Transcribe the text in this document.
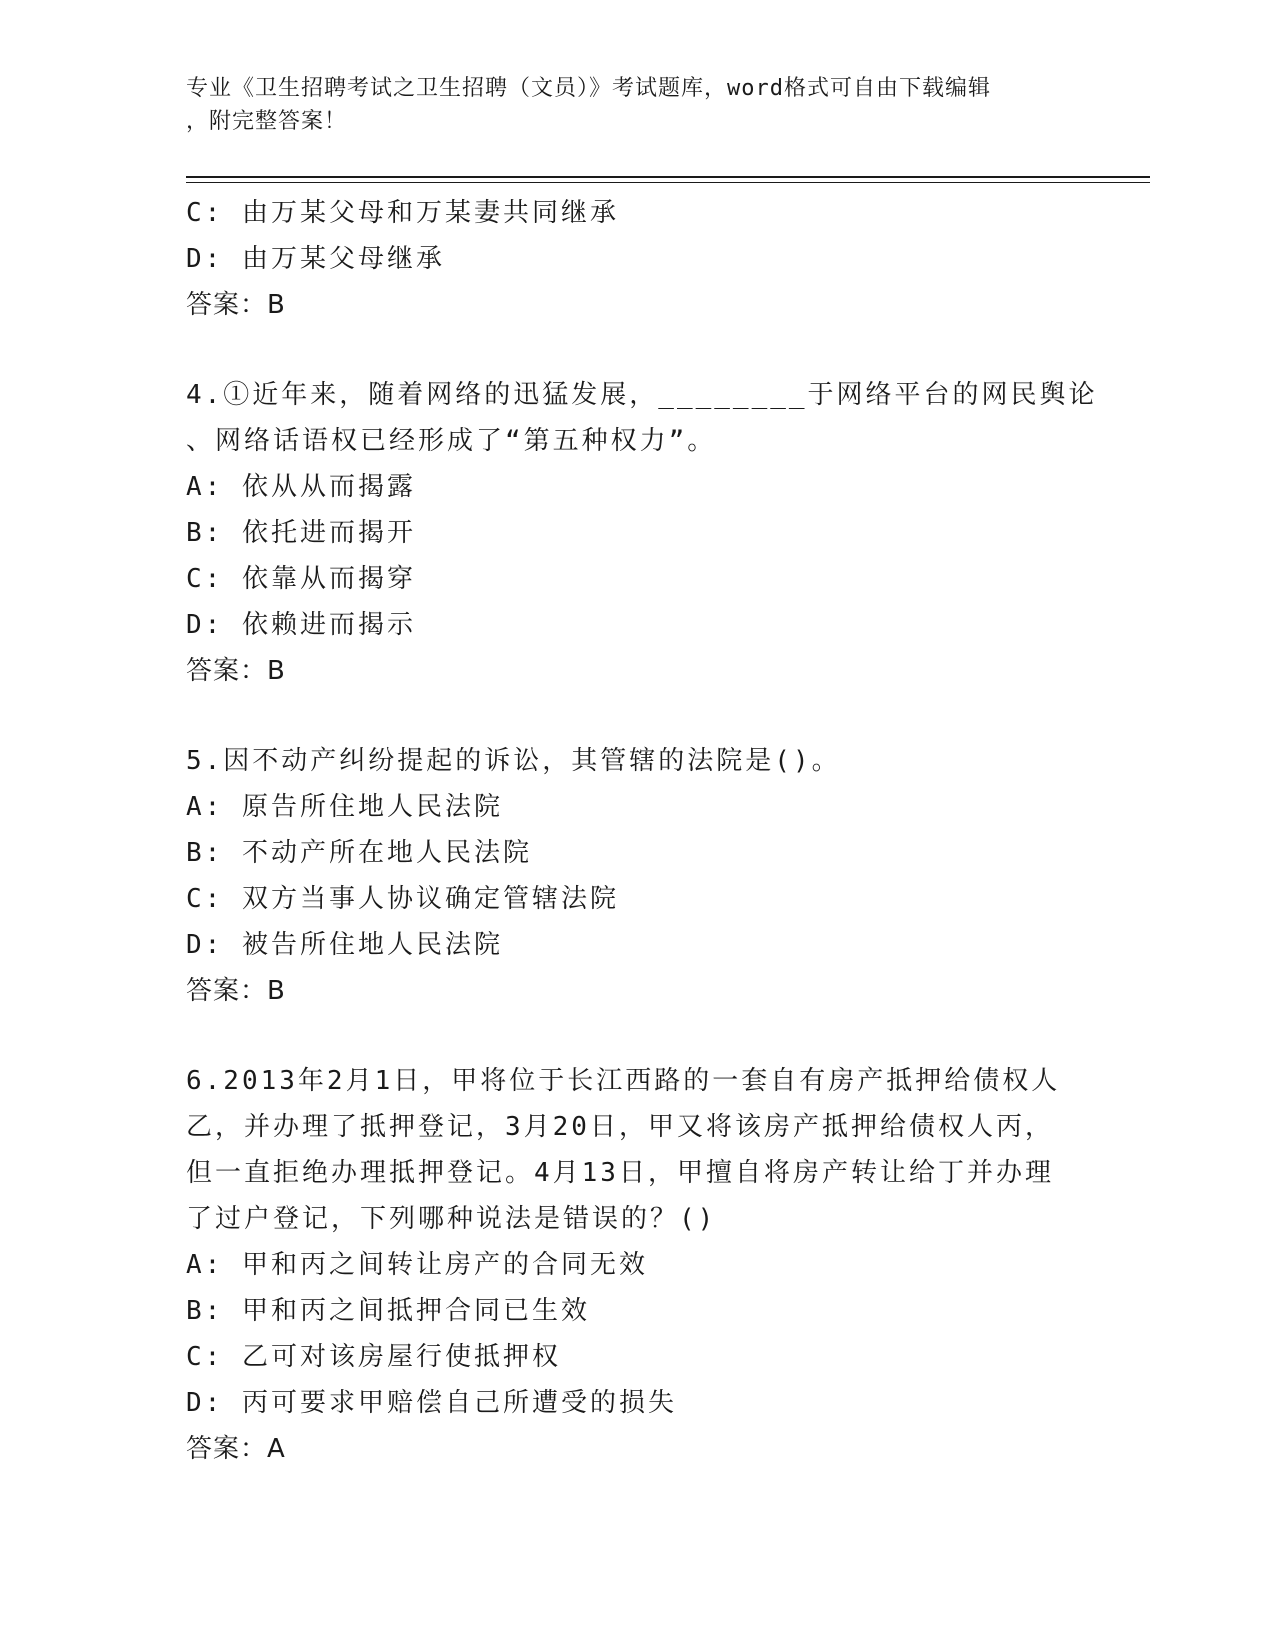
专业《卫生招聘考试之卫生招聘（文员）》考试题库，word格式可自由下载编辑
，附完整答案！
C: 由万某父母和万某妻共同继承
D: 由万某父母继承
答案：B
4.①近年来，随着网络的迅猛发展，________于网络平台的网民舆论
、网络话语权已经形成了“第五种权力”。
A: 依从从而揭露
B: 依托进而揭开
C: 依靠从而揭穿
D: 依赖进而揭示
答案：B
5.因不动产纠纷提起的诉讼，其管辖的法院是()。
A: 原告所住地人民法院
B: 不动产所在地人民法院
C: 双方当事人协议确定管辖法院
D: 被告所住地人民法院
答案：B
6.2013年2月1日，甲将位于长江西路的一套自有房产抵押给债权人
乙，并办理了抵押登记，3月20日，甲又将该房产抵押给债权人丙，
但一直拒绝办理抵押登记。4月13日，甲擅自将房产转让给丁并办理
了过户登记，下列哪种说法是错误的？()
A: 甲和丙之间转让房产的合同无效
B: 甲和丙之间抵押合同已生效
C: 乙可对该房屋行使抵押权
D: 丙可要求甲赔偿自己所遭受的损失
答案：A
